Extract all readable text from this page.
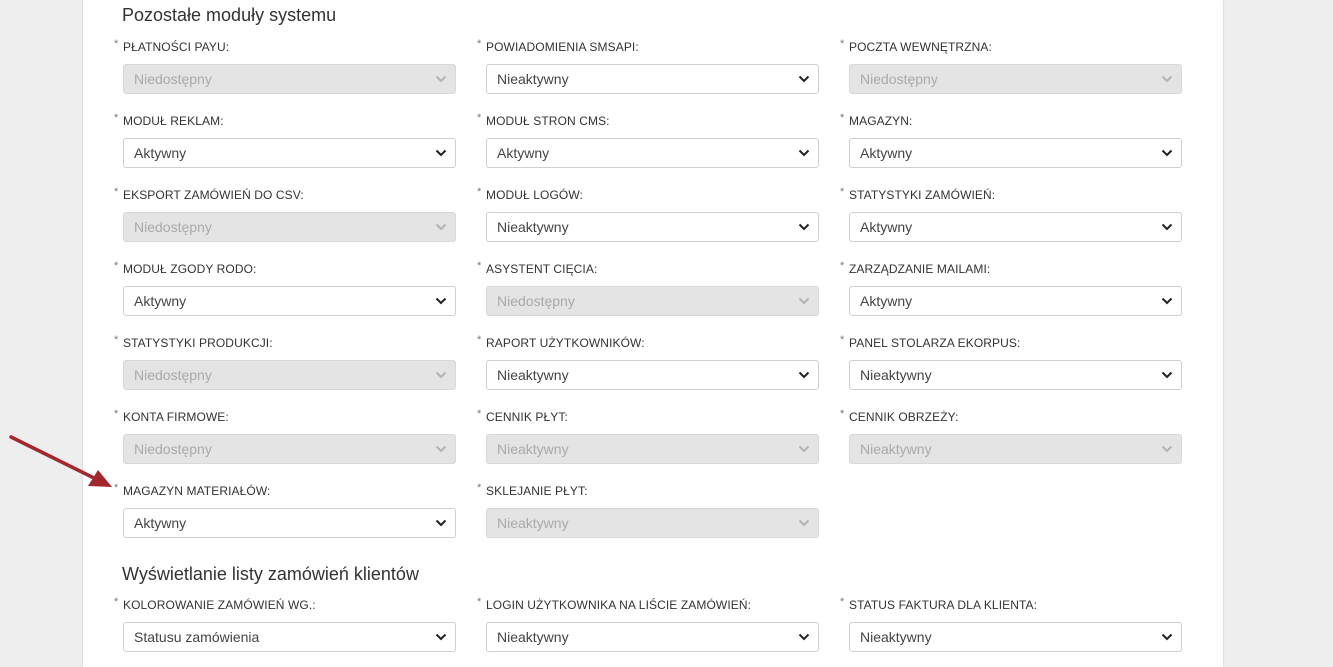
Pozostałe moduły systemu
Wyświetlanie listy zamówień klientów
* PŁATNOŚCI PAYU:
Niedostępny
* POWIADOMIENIA SMSAPI:
Nieaktywny
* POCZTA WEWNĘTRZNA:
Niedostępny
* MODUŁ REKLAM:
Aktywny
* MODUŁ STRON CMS:
Aktywny
* MAGAZYN:
Aktywny
* EKSPORT ZAMÓWIEŃ DO CSV:
Niedostępny
* MODUŁ LOGÓW:
Nieaktywny
* STATYSTYKI ZAMÓWIEŃ:
Aktywny
* MODUŁ ZGODY RODO:
Aktywny
* ASYSTENT CIĘCIA:
Niedostępny
* ZARZĄDZANIE MAILAMI:
Aktywny
* STATYSTYKI PRODUKCJI:
Niedostępny
* RAPORT UŻYTKOWNIKÓW:
Nieaktywny
* PANEL STOLARZA EKORPUS:
Nieaktywny
* KONTA FIRMOWE:
Niedostępny
* CENNIK PŁYT:
Nieaktywny
* CENNIK OBRZEŻY:
Nieaktywny
* MAGAZYN MATERIAŁÓW:
Aktywny
* SKLEJANIE PŁYT:
Nieaktywny
* KOLOROWANIE ZAMÓWIEŃ WG.:
Statusu zamówienia
* LOGIN UŻYTKOWNIKA NA LIŚCIE ZAMÓWIEŃ:
Nieaktywny
* STATUS FAKTURA DLA KLIENTA:
Nieaktywny
